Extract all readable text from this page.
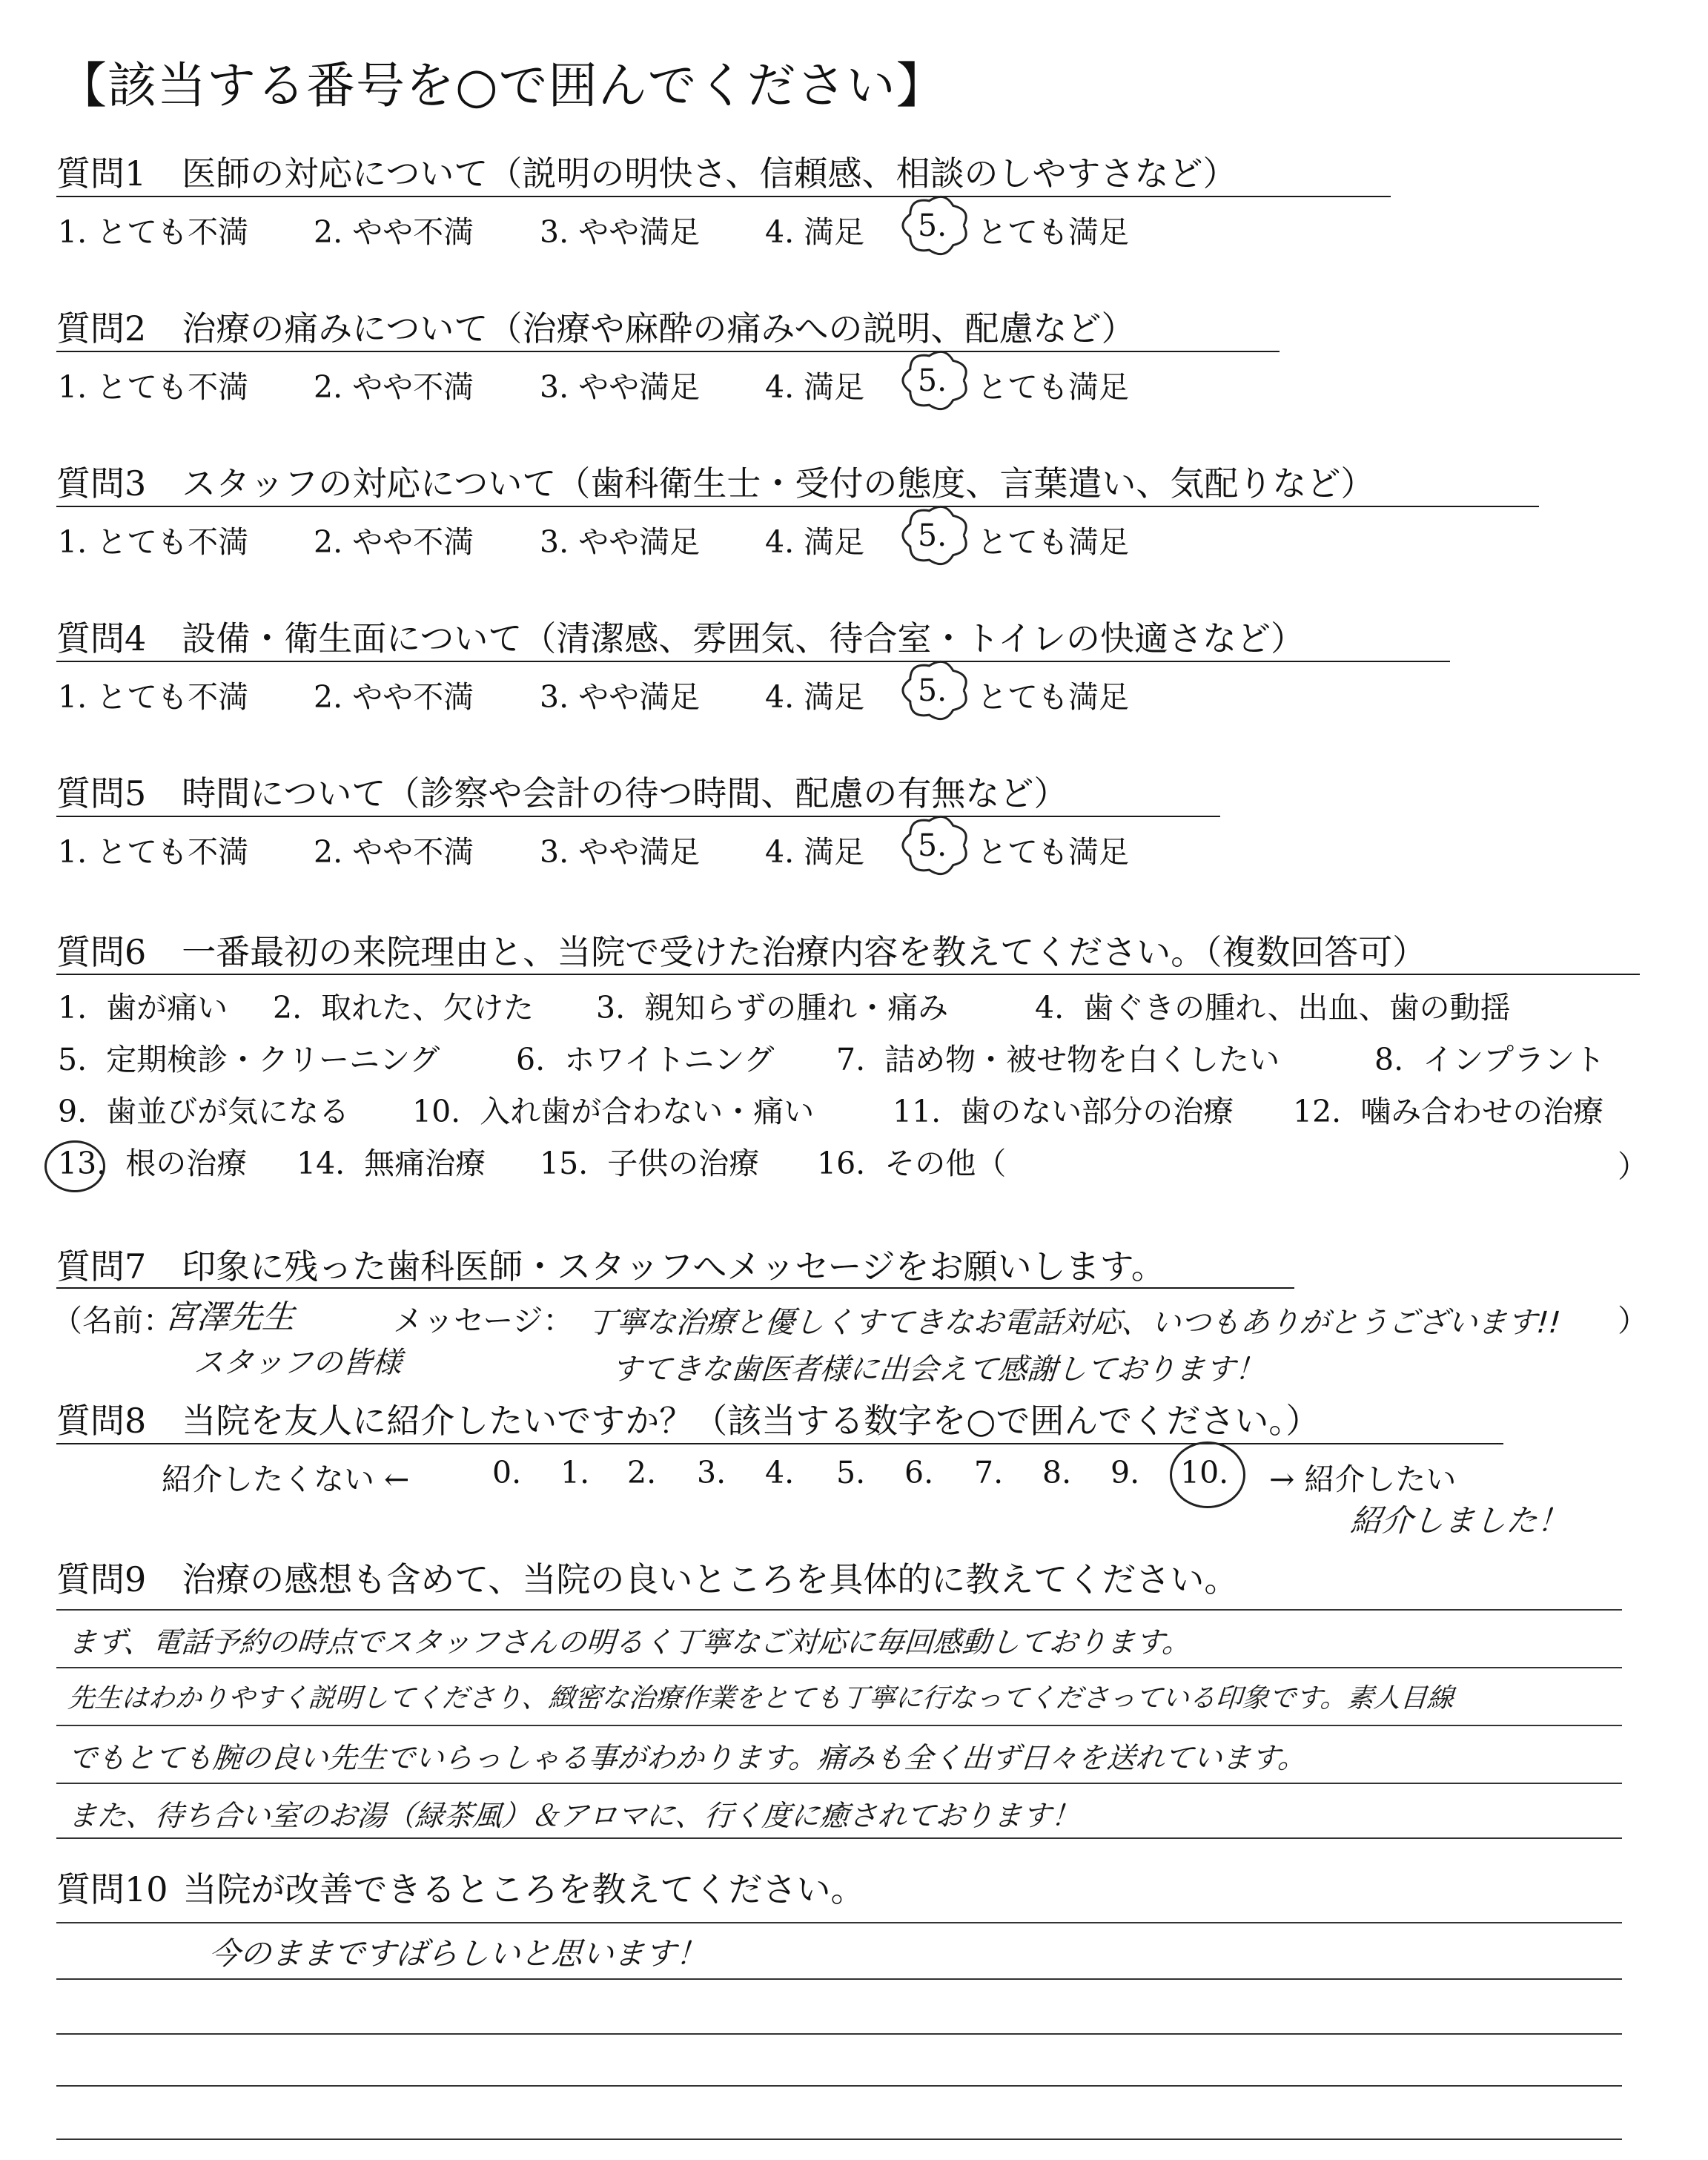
【該当する番号を○で囲んでください】
質問1 医師の対応について（説明の明快さ、信頼感、相談のしやすさなど）
1. とても不満 2. やや不満 3. やや満足 4. 満足 5. とても満足
質問2 治療の痛みについて（治療や麻酔の痛みへの説明、配慮など）
1. とても不満 2. やや不満 3. やや満足 4. 満足 5. とても満足
質問3 スタッフの対応について（歯科衛生士・受付の態度、言葉遣い、気配りなど）
1. とても不満 2. やや不満 3. やや満足 4. 満足 5. とても満足
質問4 設備・衛生面について（清潔感、雰囲気、待合室・トイレの快適さなど）
1. とても不満 2. やや不満 3. やや満足 4. 満足 5. とても満足
質問5 時間について（診察や会計の待つ時間、配慮の有無など）
1. とても不満 2. やや不満 3. やや満足 4. 満足 5. とても満足
質問6 一番最初の来院理由と、当院で受けた治療内容を教えてください。（複数回答可）
1. 歯が痛い 2. 取れた、欠けた 3. 親知らずの腫れ・痛み	4. 歯ぐきの腫れ、出血、歯の動揺
5. 定期検診・クリーニング	6. ホワイトニング 7. 詰め物・被せ物を白くしたい	8. インプラント
9. 歯並びが気になる 10. 入れ歯が合わない・痛い	11. 歯のない部分の治療 12. 噛み合わせの治療
13. 根の治療 14. 無痛治療 15. 子供の治療 16. その他（	）
質問7 印象に残った歯科医師・スタッフへメッセージをお願いします。
（名前：
宮澤先生
スタッフの皆様
メッセージ： 丁寧な治療と優しくすてきなお電話対応、いつもありがとうございます!!
すてきな歯医者様に出会えて感謝しております！
）
質問8 当院を友人に紹介したいですか？（該当する数字を○で囲んでください。）
紹介したくない ←	0. 1. 2. 3. 4. 5. 6. 7. 8. 9. 10. → 紹介したい
紹介しました！
質問9 治療の感想も含めて、当院の良いところを具体的に教えてください。
まず、電話予約の時点でスタッフさんの明るく丁寧なご対応に毎回感動しております。
先生はわかりやすく説明してくださり、緻密な治療作業をとても丁寧に行なってくださっている印象です。素人目線
でもとても腕の良い先生でいらっしゃる事がわかります。痛みも全く出ず日々を送れています。
また、待ち合い室のお湯（緑茶風）＆アロマに、行く度に癒されております！
質問10 当院が改善できるところを教えてください。
今のままですばらしいと思います！
